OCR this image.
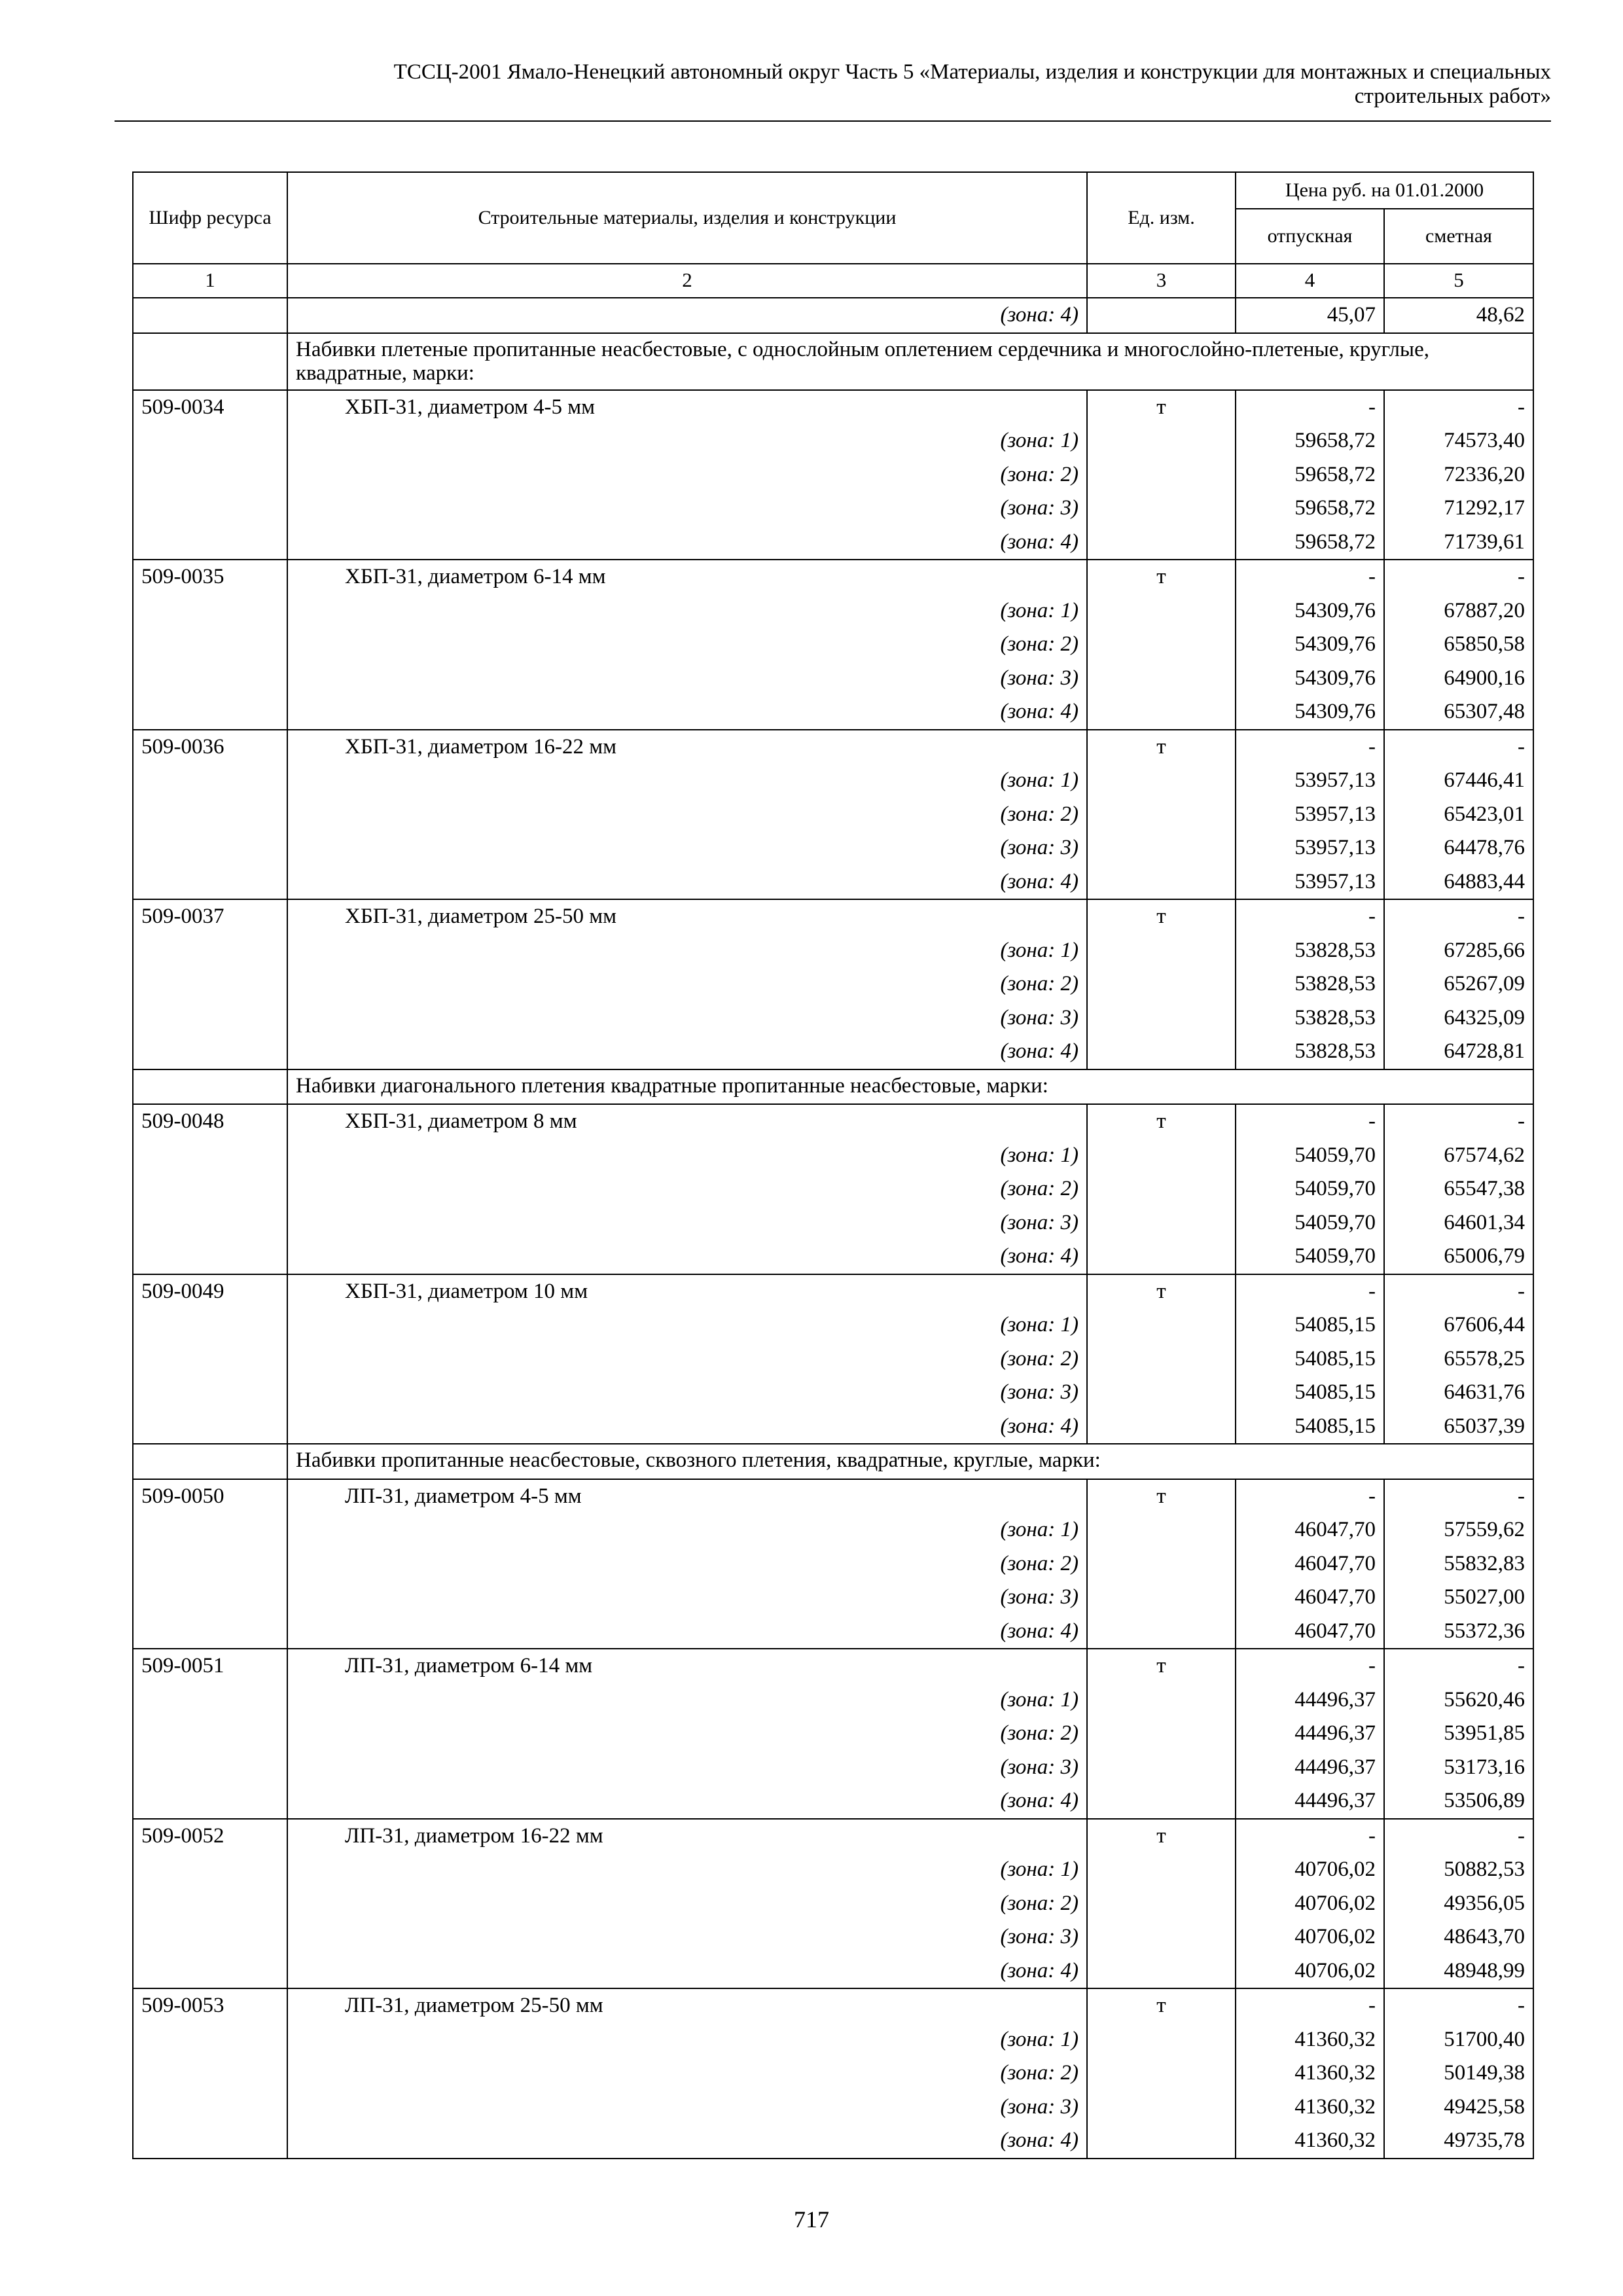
ТССЦ-2001 Ямало-Ненецкий автономный округ Часть 5 «Материалы, изделия и конструкции для монтажных и специальных
строительных работ»
Шифр ресурса	Строительные материалы, изделия и конструкции	Ед. изм.	Цена руб. на 01.01.2000	
			отпускная	сметная
1	2	3	4	5

	(зона: 4)		45,07	48,62
	Набивки плетеные пропитанные неасбестовые, с однослойным оплетением сердечника и многослойно-плетеные, круглые, квадратные, марки:			
509-0034	ХБП-31, диаметром 4-5 мм	т	-	-

	(зона: 1)		59658,72	74573,40

	(зона: 2)		59658,72	72336,20

	(зона: 3)		59658,72	71292,17

	(зона: 4)		59658,72	71739,61
509-0035	ХБП-31, диаметром 6-14 мм	т	-	-

	(зона: 1)		54309,76	67887,20

	(зона: 2)		54309,76	65850,58

	(зона: 3)		54309,76	64900,16

	(зона: 4)		54309,76	65307,48
509-0036	ХБП-31, диаметром 16-22 мм	т	-	-

	(зона: 1)		53957,13	67446,41

	(зона: 2)		53957,13	65423,01

	(зона: 3)		53957,13	64478,76

	(зона: 4)		53957,13	64883,44
509-0037	ХБП-31, диаметром 25-50 мм	т	-	-

	(зона: 1)		53828,53	67285,66

	(зона: 2)		53828,53	65267,09

	(зона: 3)		53828,53	64325,09

	(зона: 4)		53828,53	64728,81
	Набивки диагонального плетения квадратные пропитанные неасбестовые, марки:			
509-0048	ХБП-31, диаметром 8 мм	т	-	-

	(зона: 1)		54059,70	67574,62

	(зона: 2)		54059,70	65547,38

	(зона: 3)		54059,70	64601,34

	(зона: 4)		54059,70	65006,79
509-0049	ХБП-31, диаметром 10 мм	т	-	-

	(зона: 1)		54085,15	67606,44

	(зона: 2)		54085,15	65578,25

	(зона: 3)		54085,15	64631,76

	(зона: 4)		54085,15	65037,39
	Набивки пропитанные неасбестовые, сквозного плетения, квадратные, круглые, марки:			
509-0050	ЛП-31, диаметром 4-5 мм	т	-	-

	(зона: 1)		46047,70	57559,62

	(зона: 2)		46047,70	55832,83

	(зона: 3)		46047,70	55027,00

	(зона: 4)		46047,70	55372,36
509-0051	ЛП-31, диаметром 6-14 мм	т	-	-

	(зона: 1)		44496,37	55620,46

	(зона: 2)		44496,37	53951,85

	(зона: 3)		44496,37	53173,16

	(зона: 4)		44496,37	53506,89
509-0052	ЛП-31, диаметром 16-22 мм	т	-	-

	(зона: 1)		40706,02	50882,53

	(зона: 2)		40706,02	49356,05

	(зона: 3)		40706,02	48643,70

	(зона: 4)		40706,02	48948,99
509-0053	ЛП-31, диаметром 25-50 мм	т	-	-

	(зона: 1)		41360,32	51700,40

	(зона: 2)		41360,32	50149,38

	(зона: 3)		41360,32	49425,58

	(зона: 4)		41360,32	49735,78
717
